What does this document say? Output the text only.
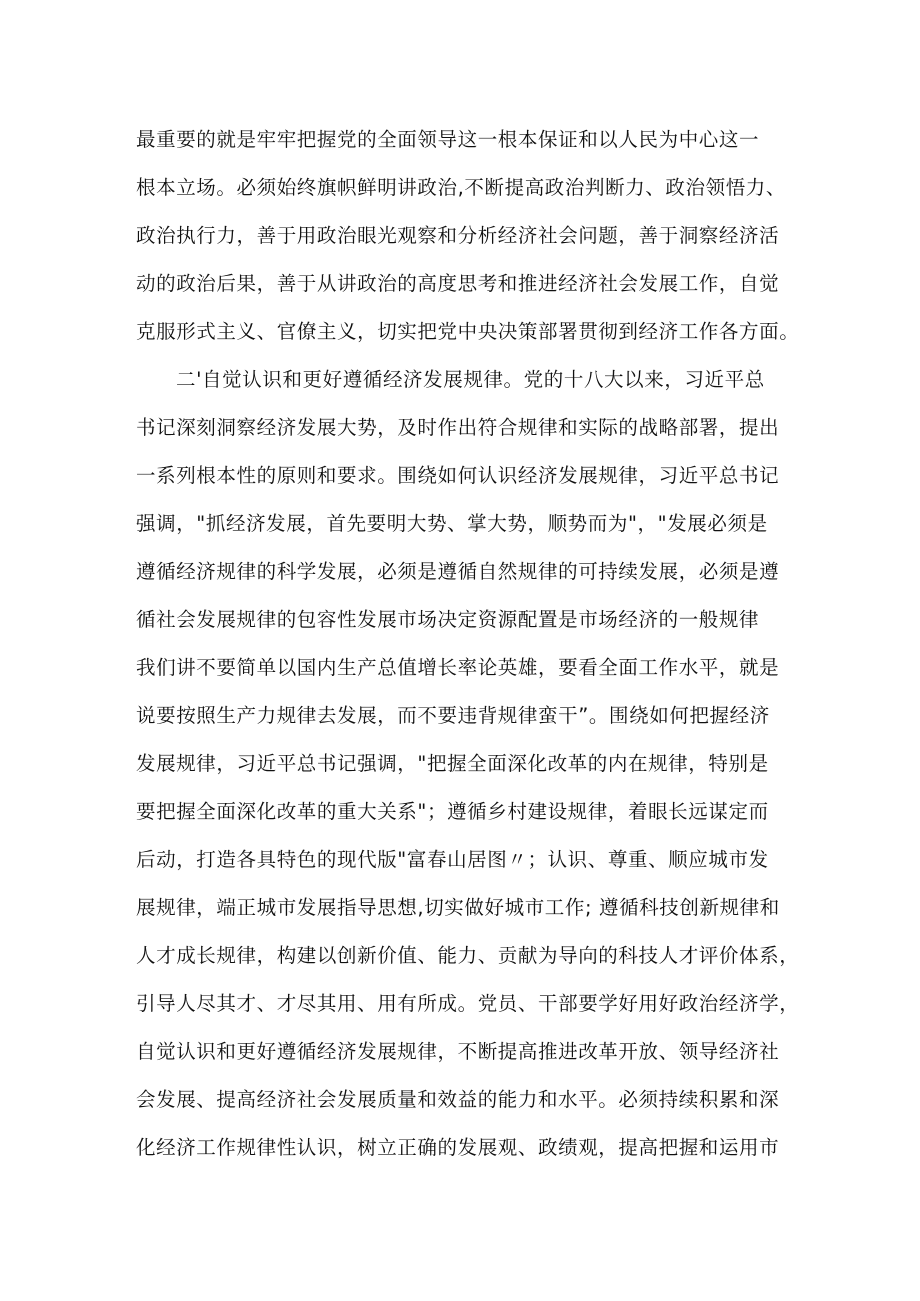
最重要的就是牢牢把握党的全面领导这一根本保证和以人民为中心这一
根本立场。必须始终旗帜鲜明讲政治,不断提高政治判断力、政治领悟力、
政治执行力，善于用政治眼光观察和分析经济社会问题，善于洞察经济活
动的政治后果，善于从讲政治的高度思考和推进经济社会发展工作，自觉
克服形式主义、官僚主义，切实把党中央决策部署贯彻到经济工作各方面。
二'自觉认识和更好遵循经济发展规律。党的十八大以来，习近平总
书记深刻洞察经济发展大势，及时作出符合规律和实际的战略部署，提出
一系列根本性的原则和要求。围绕如何认识经济发展规律，习近平总书记
强调，"抓经济发展，首先要明大势、掌大势，顺势而为"，"发展必须是
遵循经济规律的科学发展，必须是遵循自然规律的可持续发展，必须是遵
循社会发展规律的包容性发展市场决定资源配置是市场经济的一般规律
我们讲不要简单以国内生产总值增长率论英雄，要看全面工作水平，就是
说要按照生产力规律去发展，而不要违背规律蛮干”。围绕如何把握经济
发展规律，习近平总书记强调，"把握全面深化改革的内在规律，特别是
要把握全面深化改革的重大关系"；遵循乡村建设规律，着眼长远谋定而
后动，打造各具特色的现代版"富春山居图〃；认识、尊重、顺应城市发
展规律，端正城市发展指导思想,切实做好城市工作; 遵循科技创新规律和
人才成长规律，构建以创新价值、能力、贡献为导向的科技人才评价体系，
引导人尽其才、才尽其用、用有所成。党员、干部要学好用好政治经济学，
自觉认识和更好遵循经济发展规律，不断提高推进改革开放、领导经济社
会发展、提高经济社会发展质量和效益的能力和水平。必须持续积累和深
化经济工作规律性认识，树立正确的发展观、政绩观，提高把握和运用市
